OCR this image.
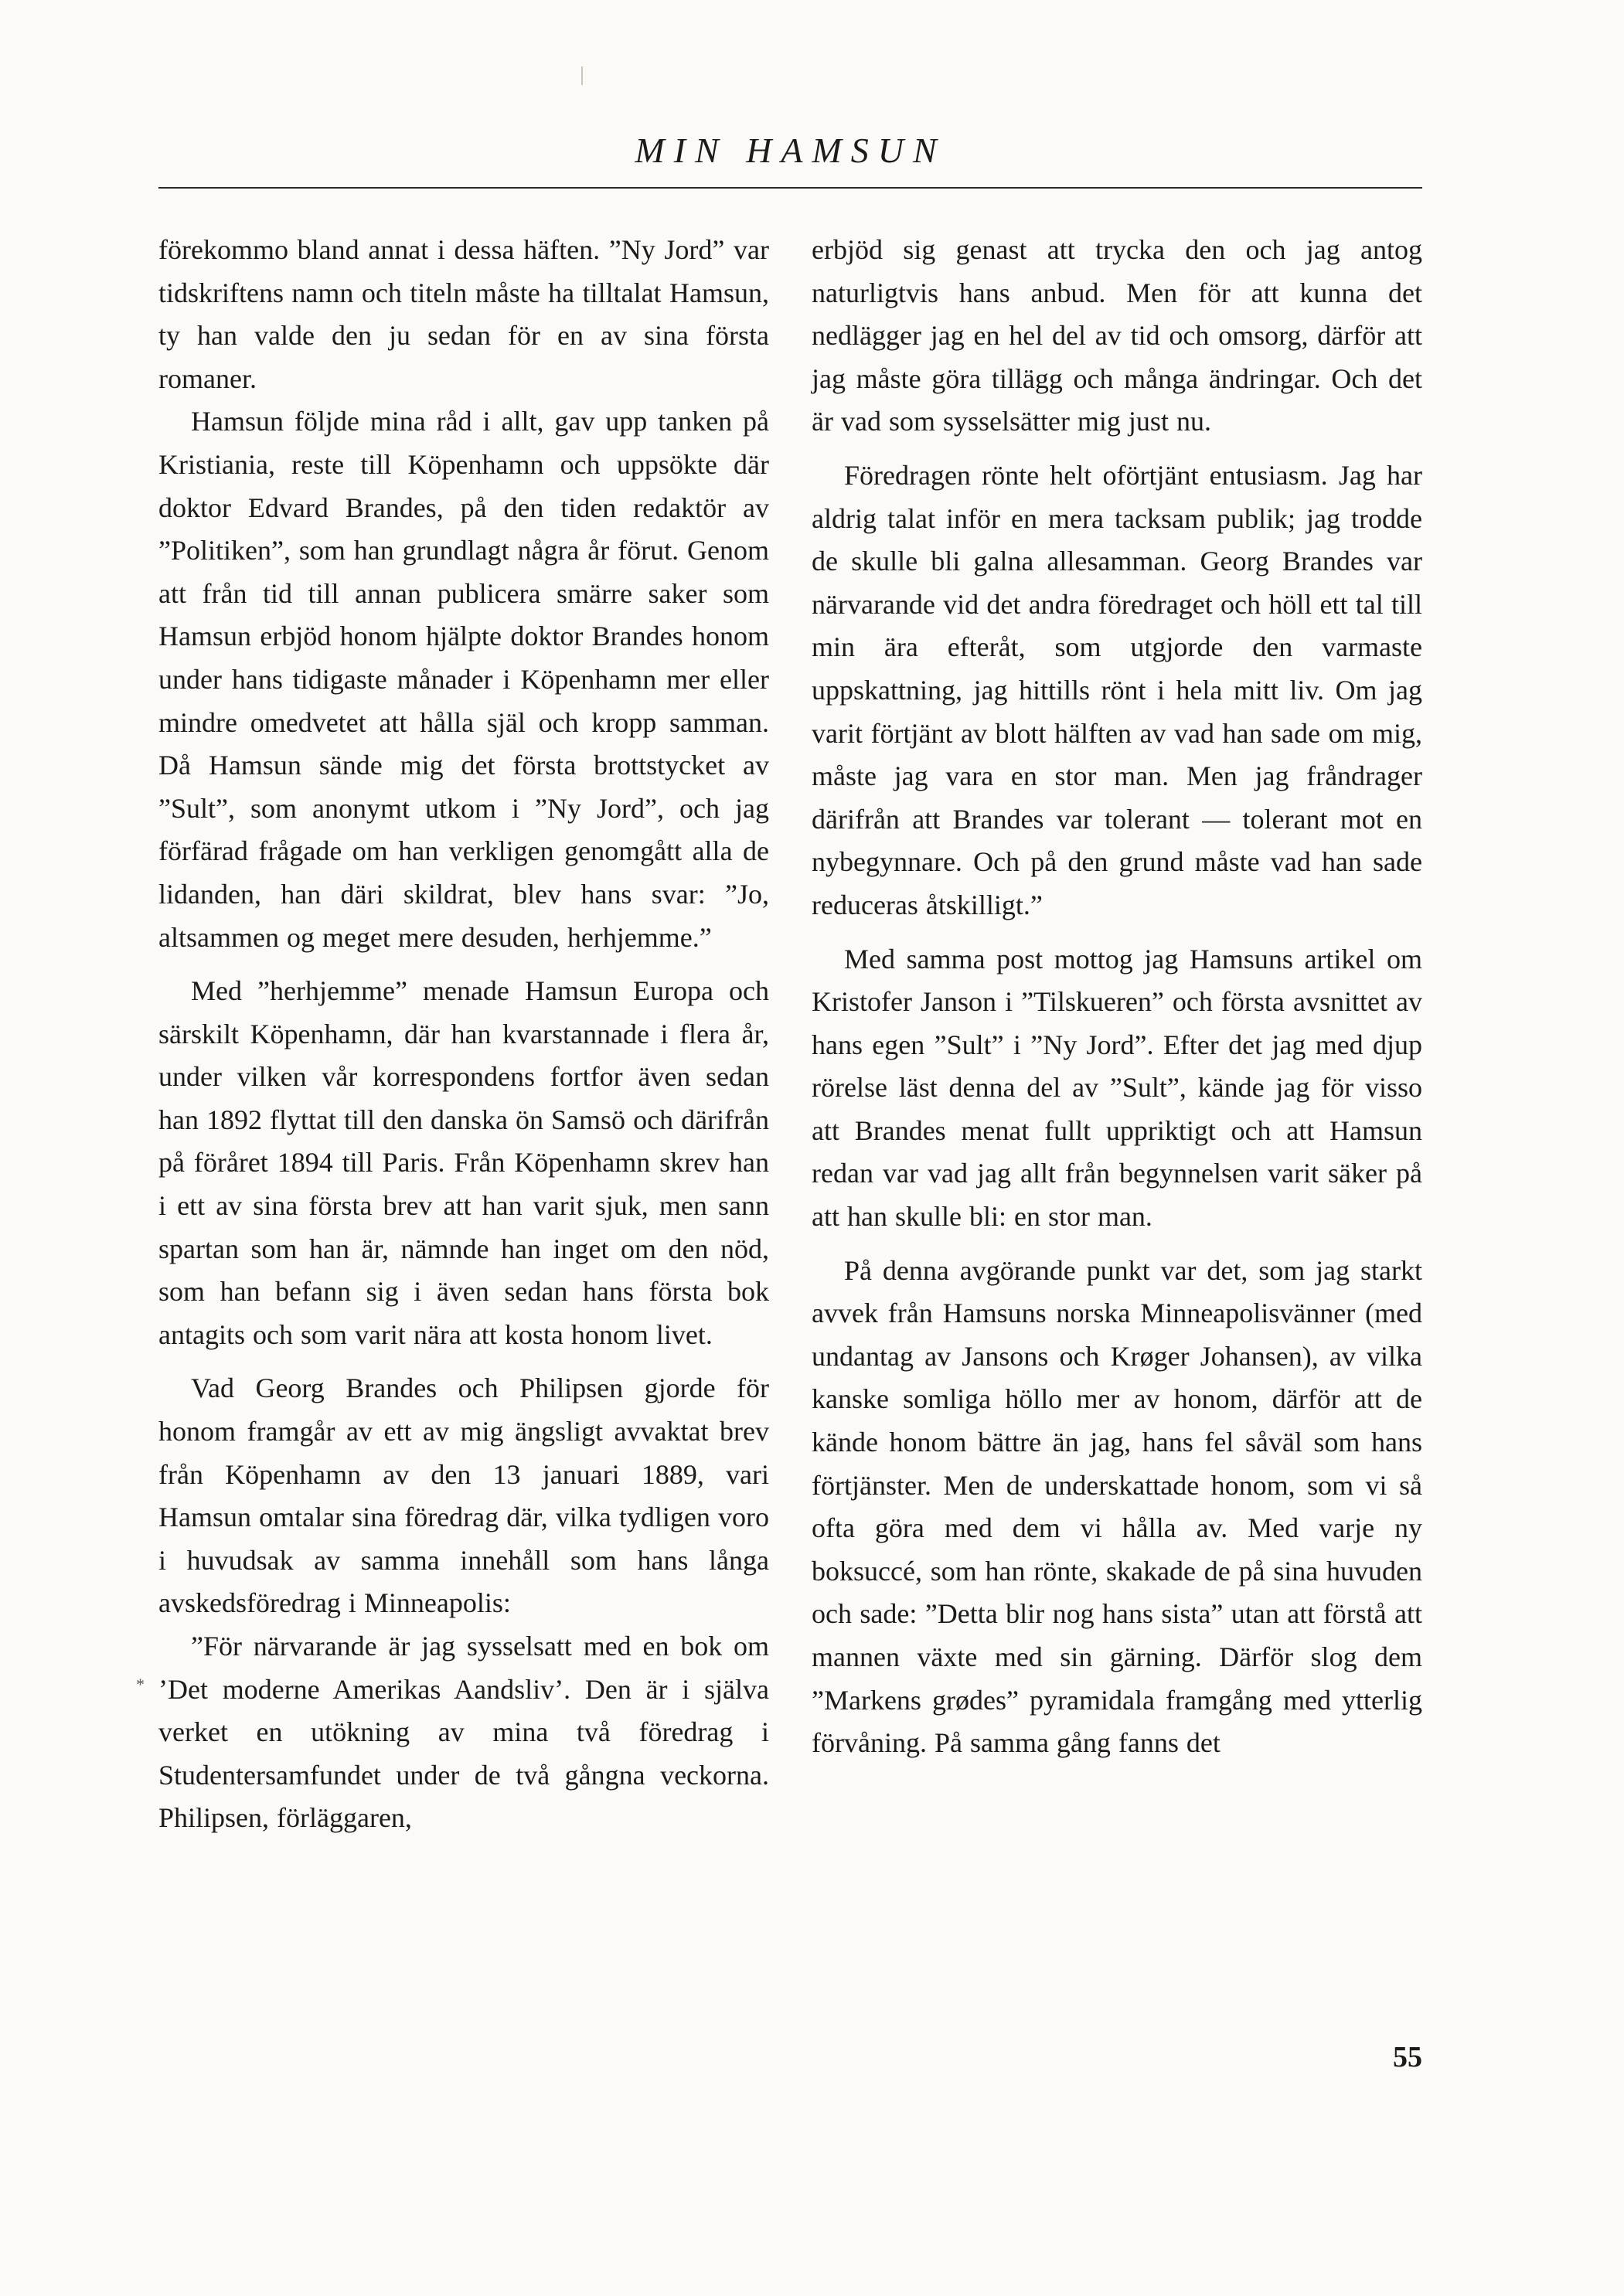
MIN HAMSUN

förekommo bland annat i dessa häften. ”Ny Jord” var tidskriftens namn och titeln måste ha tilltalat Hamsun, ty han valde den ju sedan för en av sina första romaner.

Hamsun följde mina råd i allt, gav upp tanken på Kristiania, reste till Köpenhamn och uppsökte där doktor Edvard Brandes, på den tiden redaktör av ”Politiken”, som han grundlagt några år förut. Genom att från tid till annan publicera smärre saker som Hamsun erbjöd honom hjälpte doktor Brandes honom under hans tidigaste månader i Köpenhamn mer eller mindre omedvetet att hålla själ och kropp samman. Då Hamsun sände mig det första brottstycket av ”Sult”, som anonymt utkom i ”Ny Jord”, och jag förfärad frågade om han verkligen genomgått alla de lidanden, han däri skildrat, blev hans svar: ”Jo, altsammen og meget mere desuden, herhjemme.”

Med ”herhjemme” menade Hamsun Europa och särskilt Köpenhamn, där han kvarstannade i flera år, under vilken vår korrespondens fortfor även sedan han 1892 flyttat till den danska ön Samsö och därifrån på föråret 1894 till Paris. Från Köpenhamn skrev han i ett av sina första brev att han varit sjuk, men sann spartan som han är, nämnde han inget om den nöd, som han befann sig i även sedan hans första bok antagits och som varit nära att kosta honom livet.

Vad Georg Brandes och Philipsen gjorde för honom framgår av ett av mig ängsligt avvaktat brev från Köpenhamn av den 13 januari 1889, vari Hamsun omtalar sina föredrag där, vilka tydligen voro i huvudsak av samma innehåll som hans långa avskedsföredrag i Minneapolis:

”För närvarande är jag sysselsatt med en bok om ’Det moderne Amerikas Aandsliv’. Den är i själva verket en utökning av mina två föredrag i Studentersamfundet under de två gångna veckorna. Philipsen, förläggaren,

erbjöd sig genast att trycka den och jag antog naturligtvis hans anbud. Men för att kunna det nedlägger jag en hel del av tid och omsorg, därför att jag måste göra tillägg och många ändringar. Och det är vad som sysselsätter mig just nu.

Föredragen rönte helt oförtjänt entusiasm. Jag har aldrig talat inför en mera tacksam publik; jag trodde de skulle bli galna allesamman. Georg Brandes var närvarande vid det andra föredraget och höll ett tal till min ära efteråt, som utgjorde den varmaste uppskattning, jag hittills rönt i hela mitt liv. Om jag varit förtjänt av blott hälften av vad han sade om mig, måste jag vara en stor man. Men jag fråndrager därifrån att Brandes var tolerant — tolerant mot en nybegynnare. Och på den grund måste vad han sade reduceras åtskilligt.”

Med samma post mottog jag Hamsuns artikel om Kristofer Janson i ”Tilskueren” och första avsnittet av hans egen ”Sult” i ”Ny Jord”. Efter det jag med djup rörelse läst denna del av ”Sult”, kände jag för visso att Brandes menat fullt uppriktigt och att Hamsun redan var vad jag allt från begynnelsen varit säker på att han skulle bli: en stor man.

På denna avgörande punkt var det, som jag starkt avvek från Hamsuns norska Minneapolisvänner (med undantag av Jansons och Krøger Johansen), av vilka kanske somliga höllo mer av honom, därför att de kände honom bättre än jag, hans fel såväl som hans förtjänster. Men de underskattade honom, som vi så ofta göra med dem vi hålla av. Med varje ny boksuccé, som han rönte, skakade de på sina huvuden och sade: ”Detta blir nog hans sista” utan att förstå att mannen växte med sin gärning. Därför slog dem ”Markens grødes” pyramidala framgång med ytterlig förvåning. På samma gång fanns det

*
55
